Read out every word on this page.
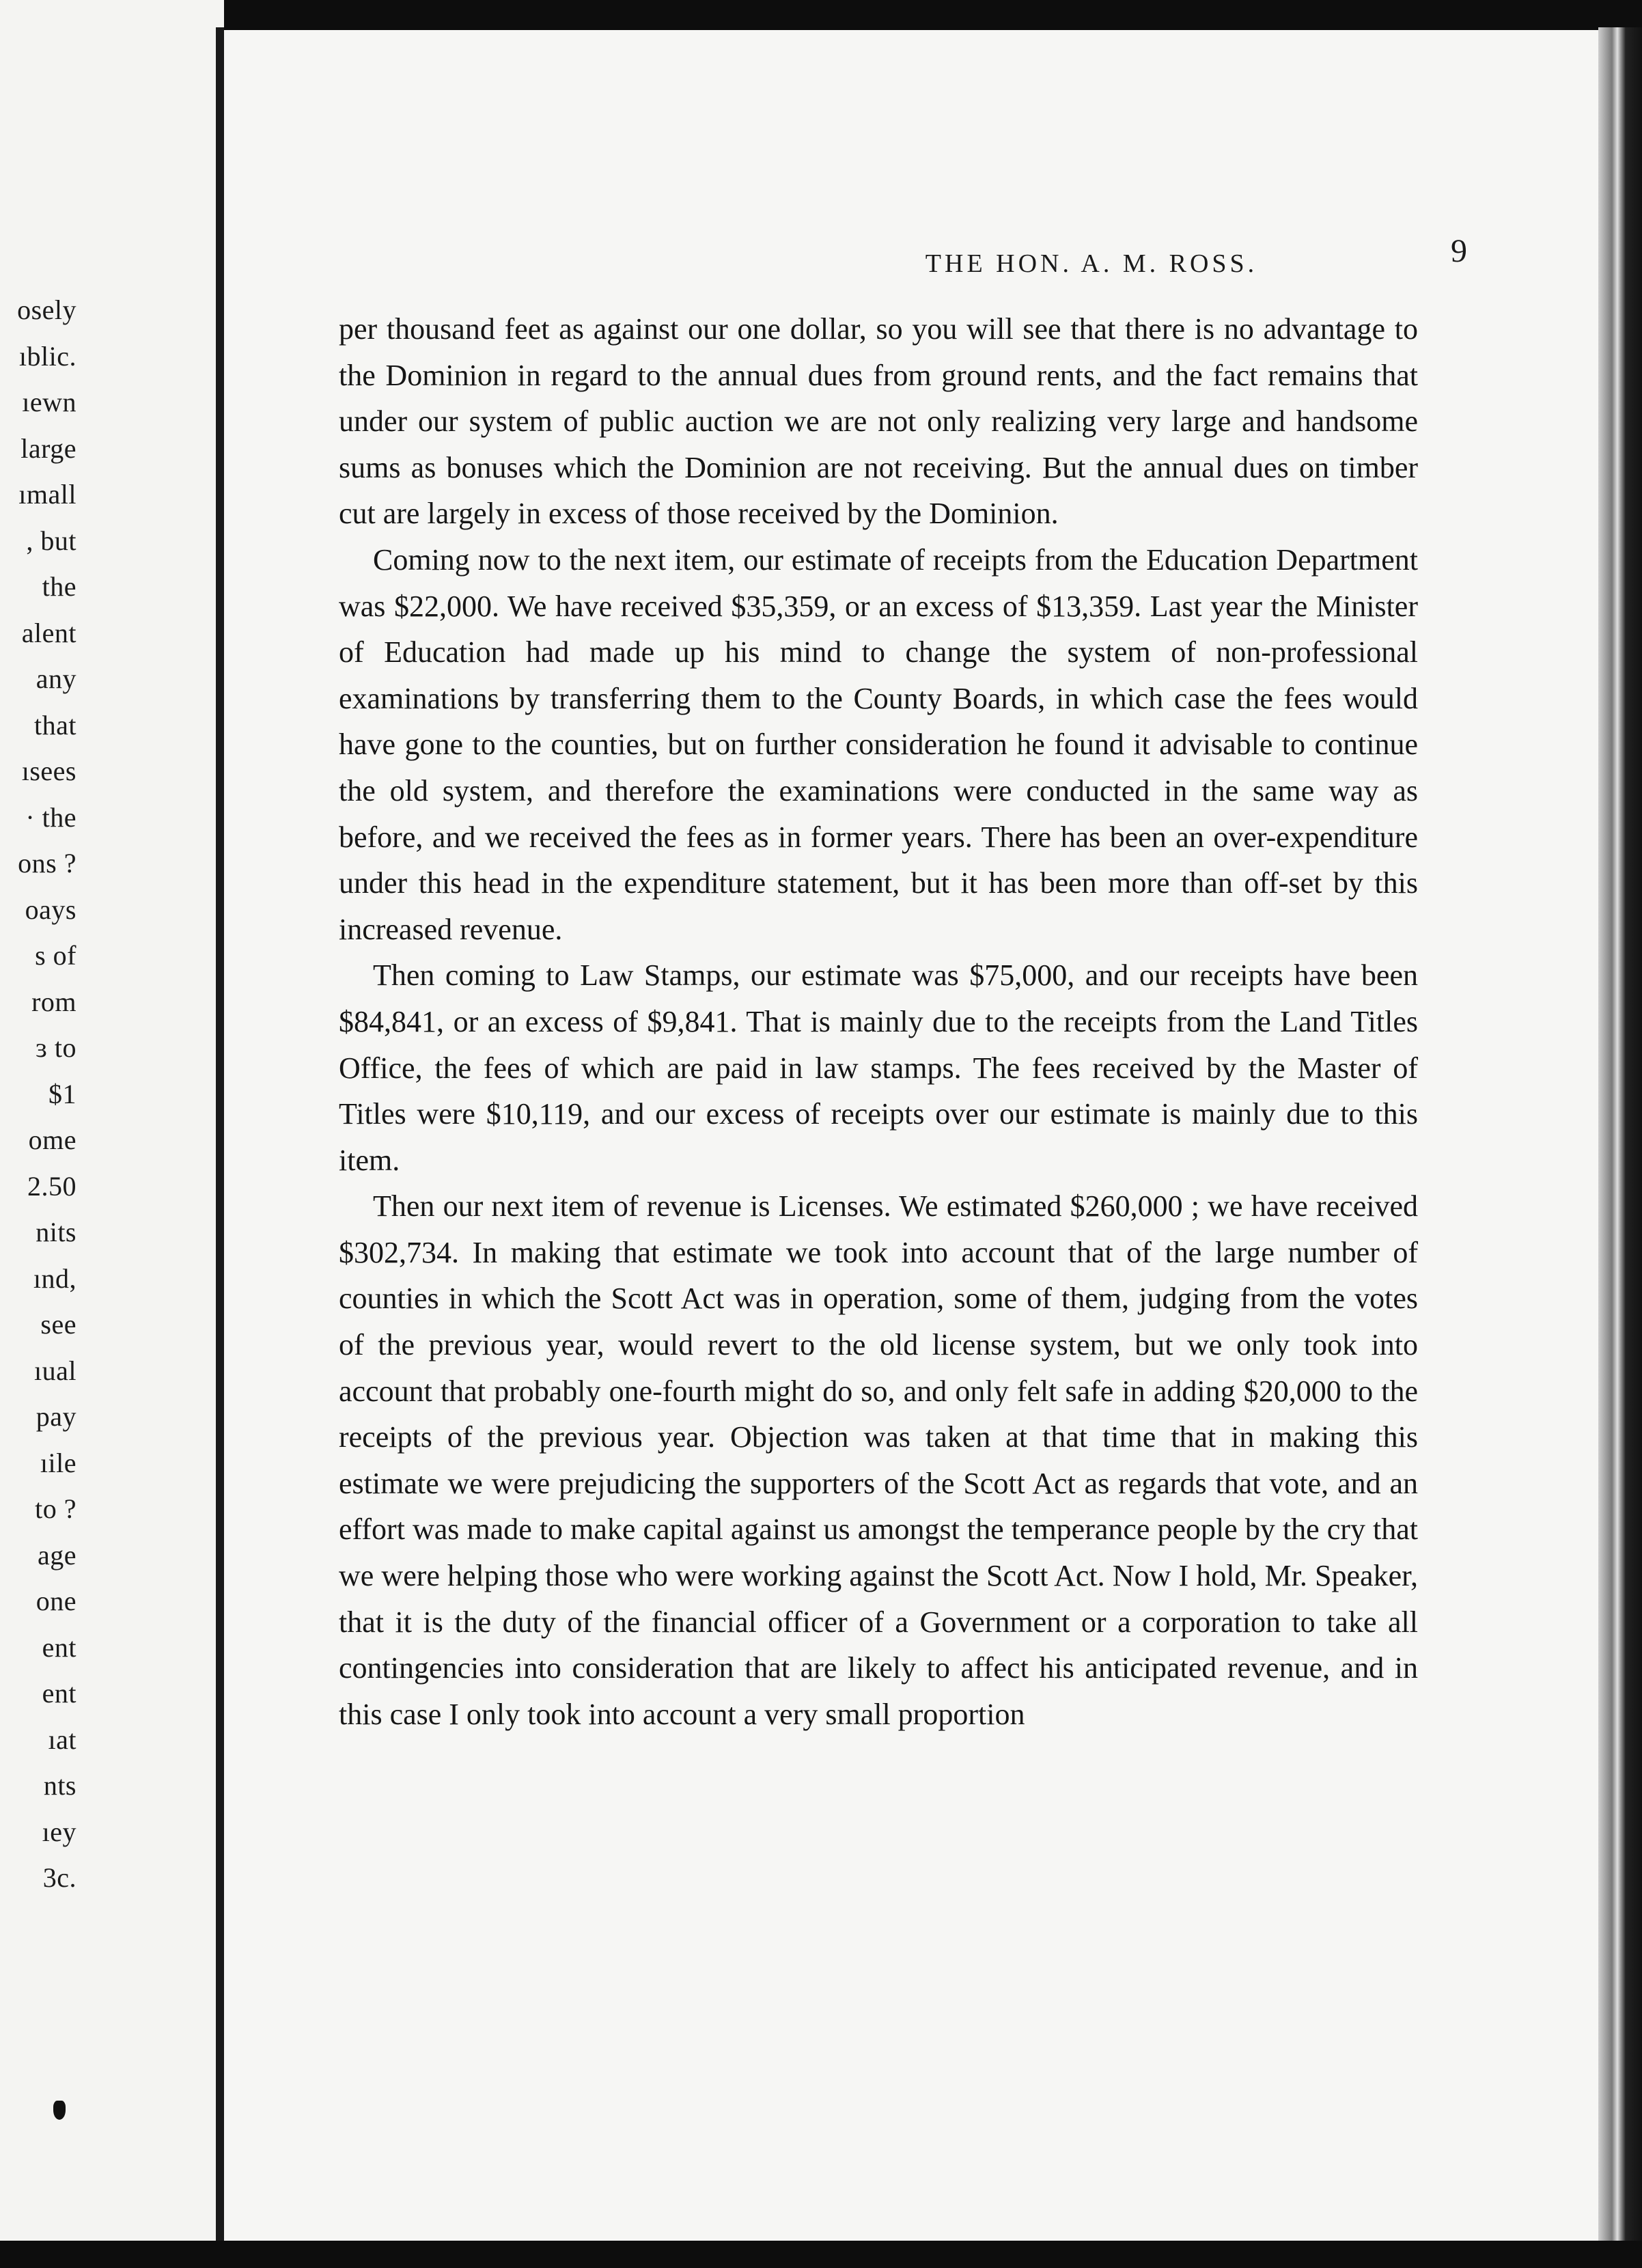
osely
ıblic.
ıewn
large
ımall
, but
the
alent
any
that
ısees
· the
ons ?
oays
s of
rom
ɜ to
$1
ome
2.50
nits
ınd,
see
ıual
pay
ıile
to ?
age
one
ent
ent
ıat
nts
ıey
3c.
THE HON. A. M. ROSS.	9

per thousand feet as against our one dollar, so you will see that there is no advantage to the Dominion in regard to the annual dues from ground rents, and the fact remains that under our system of public auction we are not only realizing very large and handsome sums as bonuses which the Dominion are not receiving. But the annual dues on timber cut are largely in excess of those received by the Dominion.

Coming now to the next item, our estimate of receipts from the Education Department was $22,000. We have received $35,359, or an excess of $13,359. Last year the Minister of Education had made up his mind to change the system of non-professional examinations by transferring them to the County Boards, in which case the fees would have gone to the counties, but on further consideration he found it advisable to continue the old system, and therefore the examinations were conducted in the same way as before, and we received the fees as in former years. There has been an over-expenditure under this head in the expenditure statement, but it has been more than off-set by this increased revenue.

Then coming to Law Stamps, our estimate was $75,000, and our receipts have been $84,841, or an excess of $9,841. That is mainly due to the receipts from the Land Titles Office, the fees of which are paid in law stamps. The fees received by the Master of Titles were $10,119, and our excess of receipts over our estimate is mainly due to this item.

Then our next item of revenue is Licenses. We estimated $260,000 ; we have received $302,734. In making that estimate we took into account that of the large number of counties in which the Scott Act was in operation, some of them, judging from the votes of the previous year, would revert to the old license system, but we only took into account that probably one-fourth might do so, and only felt safe in adding $20,000 to the receipts of the previous year. Objection was taken at that time that in making this estimate we were prejudicing the supporters of the Scott Act as regards that vote, and an effort was made to make capital against us amongst the temperance people by the cry that we were helping those who were working against the Scott Act. Now I hold, Mr. Speaker, that it is the duty of the financial officer of a Government or a corporation to take all contingencies into consideration that are likely to affect his anticipated revenue, and in this case I only took into account a very small proportion
